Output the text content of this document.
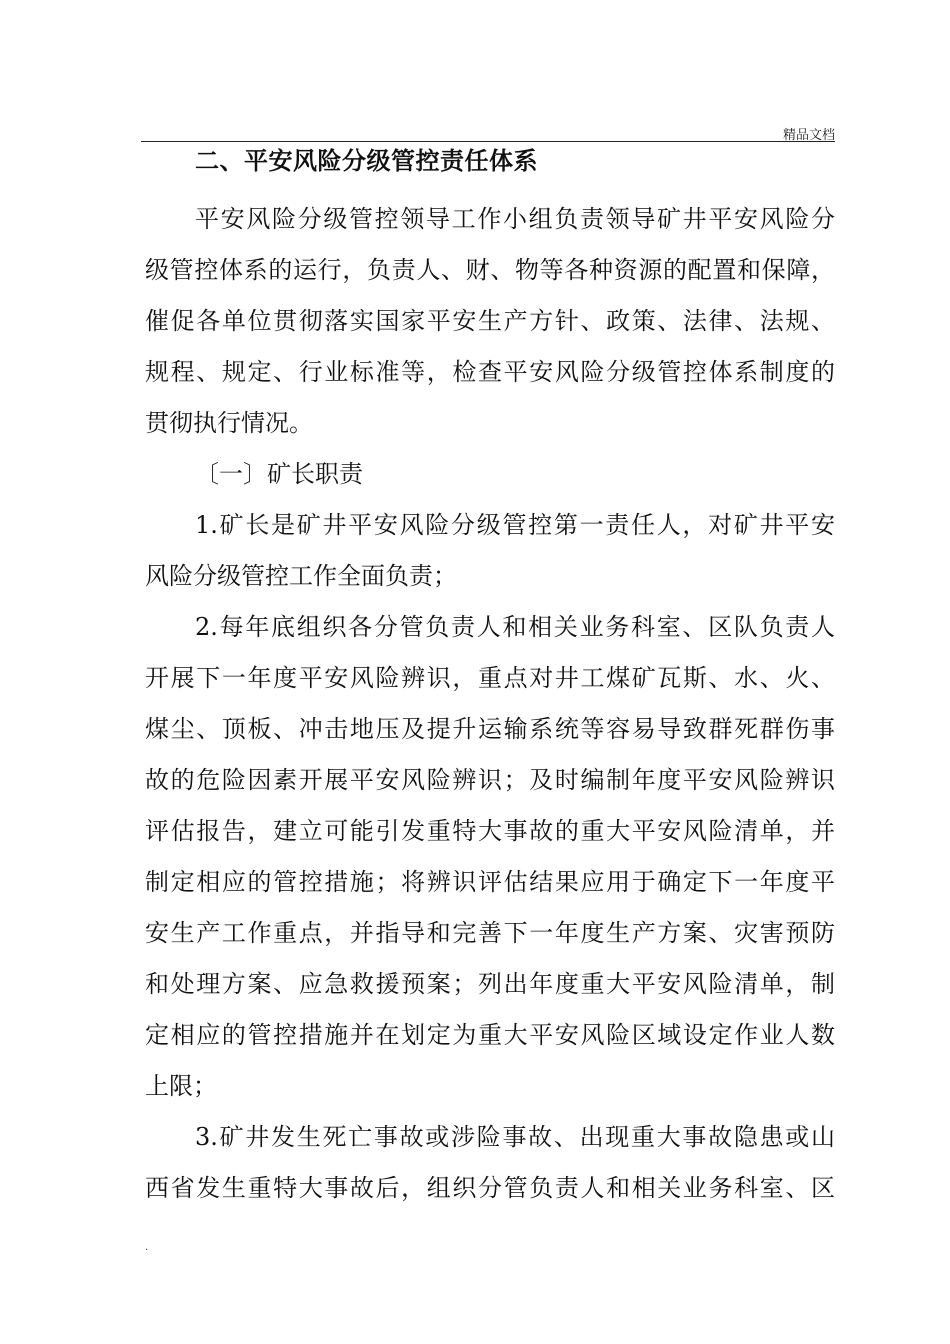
精品文档
二、平安风险分级管控责任体系
平安风险分级管控领导工作小组负责领导矿井平安风险分
级管控体系的运行，负责人、财、物等各种资源的配置和保障，
催促各单位贯彻落实国家平安生产方针、政策、法律、法规、
规程、规定、行业标准等，检查平安风险分级管控体系制度的
贯彻执行情况。
〔一〕矿长职责
1.矿长是矿井平安风险分级管控第一责任人，对矿井平安
风险分级管控工作全面负责；
2.每年底组织各分管负责人和相关业务科室、区队负责人
开展下一年度平安风险辨识，重点对井工煤矿瓦斯、水、火、
煤尘、顶板、冲击地压及提升运输系统等容易导致群死群伤事
故的危险因素开展平安风险辨识；及时编制年度平安风险辨识
评估报告，建立可能引发重特大事故的重大平安风险清单，并
制定相应的管控措施；将辨识评估结果应用于确定下一年度平
安生产工作重点，并指导和完善下一年度生产方案、灾害预防
和处理方案、应急救援预案；列出年度重大平安风险清单，制
定相应的管控措施并在划定为重大平安风险区域设定作业人数
上限；
3.矿井发生死亡事故或涉险事故、出现重大事故隐患或山
西省发生重特大事故后，组织分管负责人和相关业务科室、区
.
